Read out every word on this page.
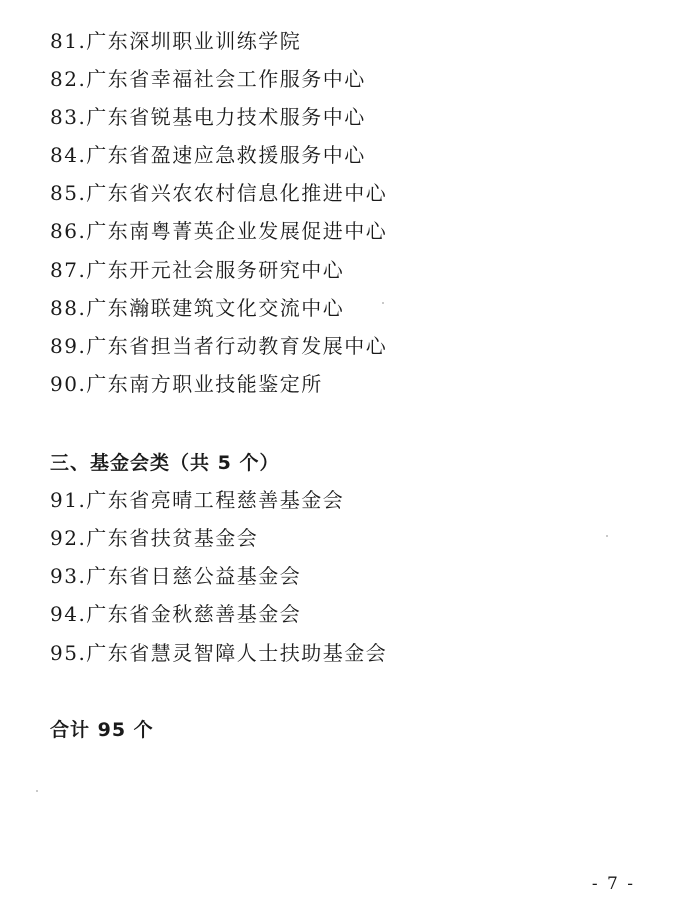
81.广东深圳职业训练学院
82.广东省幸福社会工作服务中心
83.广东省锐基电力技术服务中心
84.广东省盈速应急救援服务中心
85.广东省兴农农村信息化推进中心
86.广东南粤菁英企业发展促进中心
87.广东开元社会服务研究中心
88.广东瀚联建筑文化交流中心
89.广东省担当者行动教育发展中心
90.广东南方职业技能鉴定所
三、基金会类（共 5 个）
91.广东省亮晴工程慈善基金会
92.广东省扶贫基金会
93.广东省日慈公益基金会
94.广东省金秋慈善基金会
95.广东省慧灵智障人士扶助基金会
合计 95 个
- 7 -
